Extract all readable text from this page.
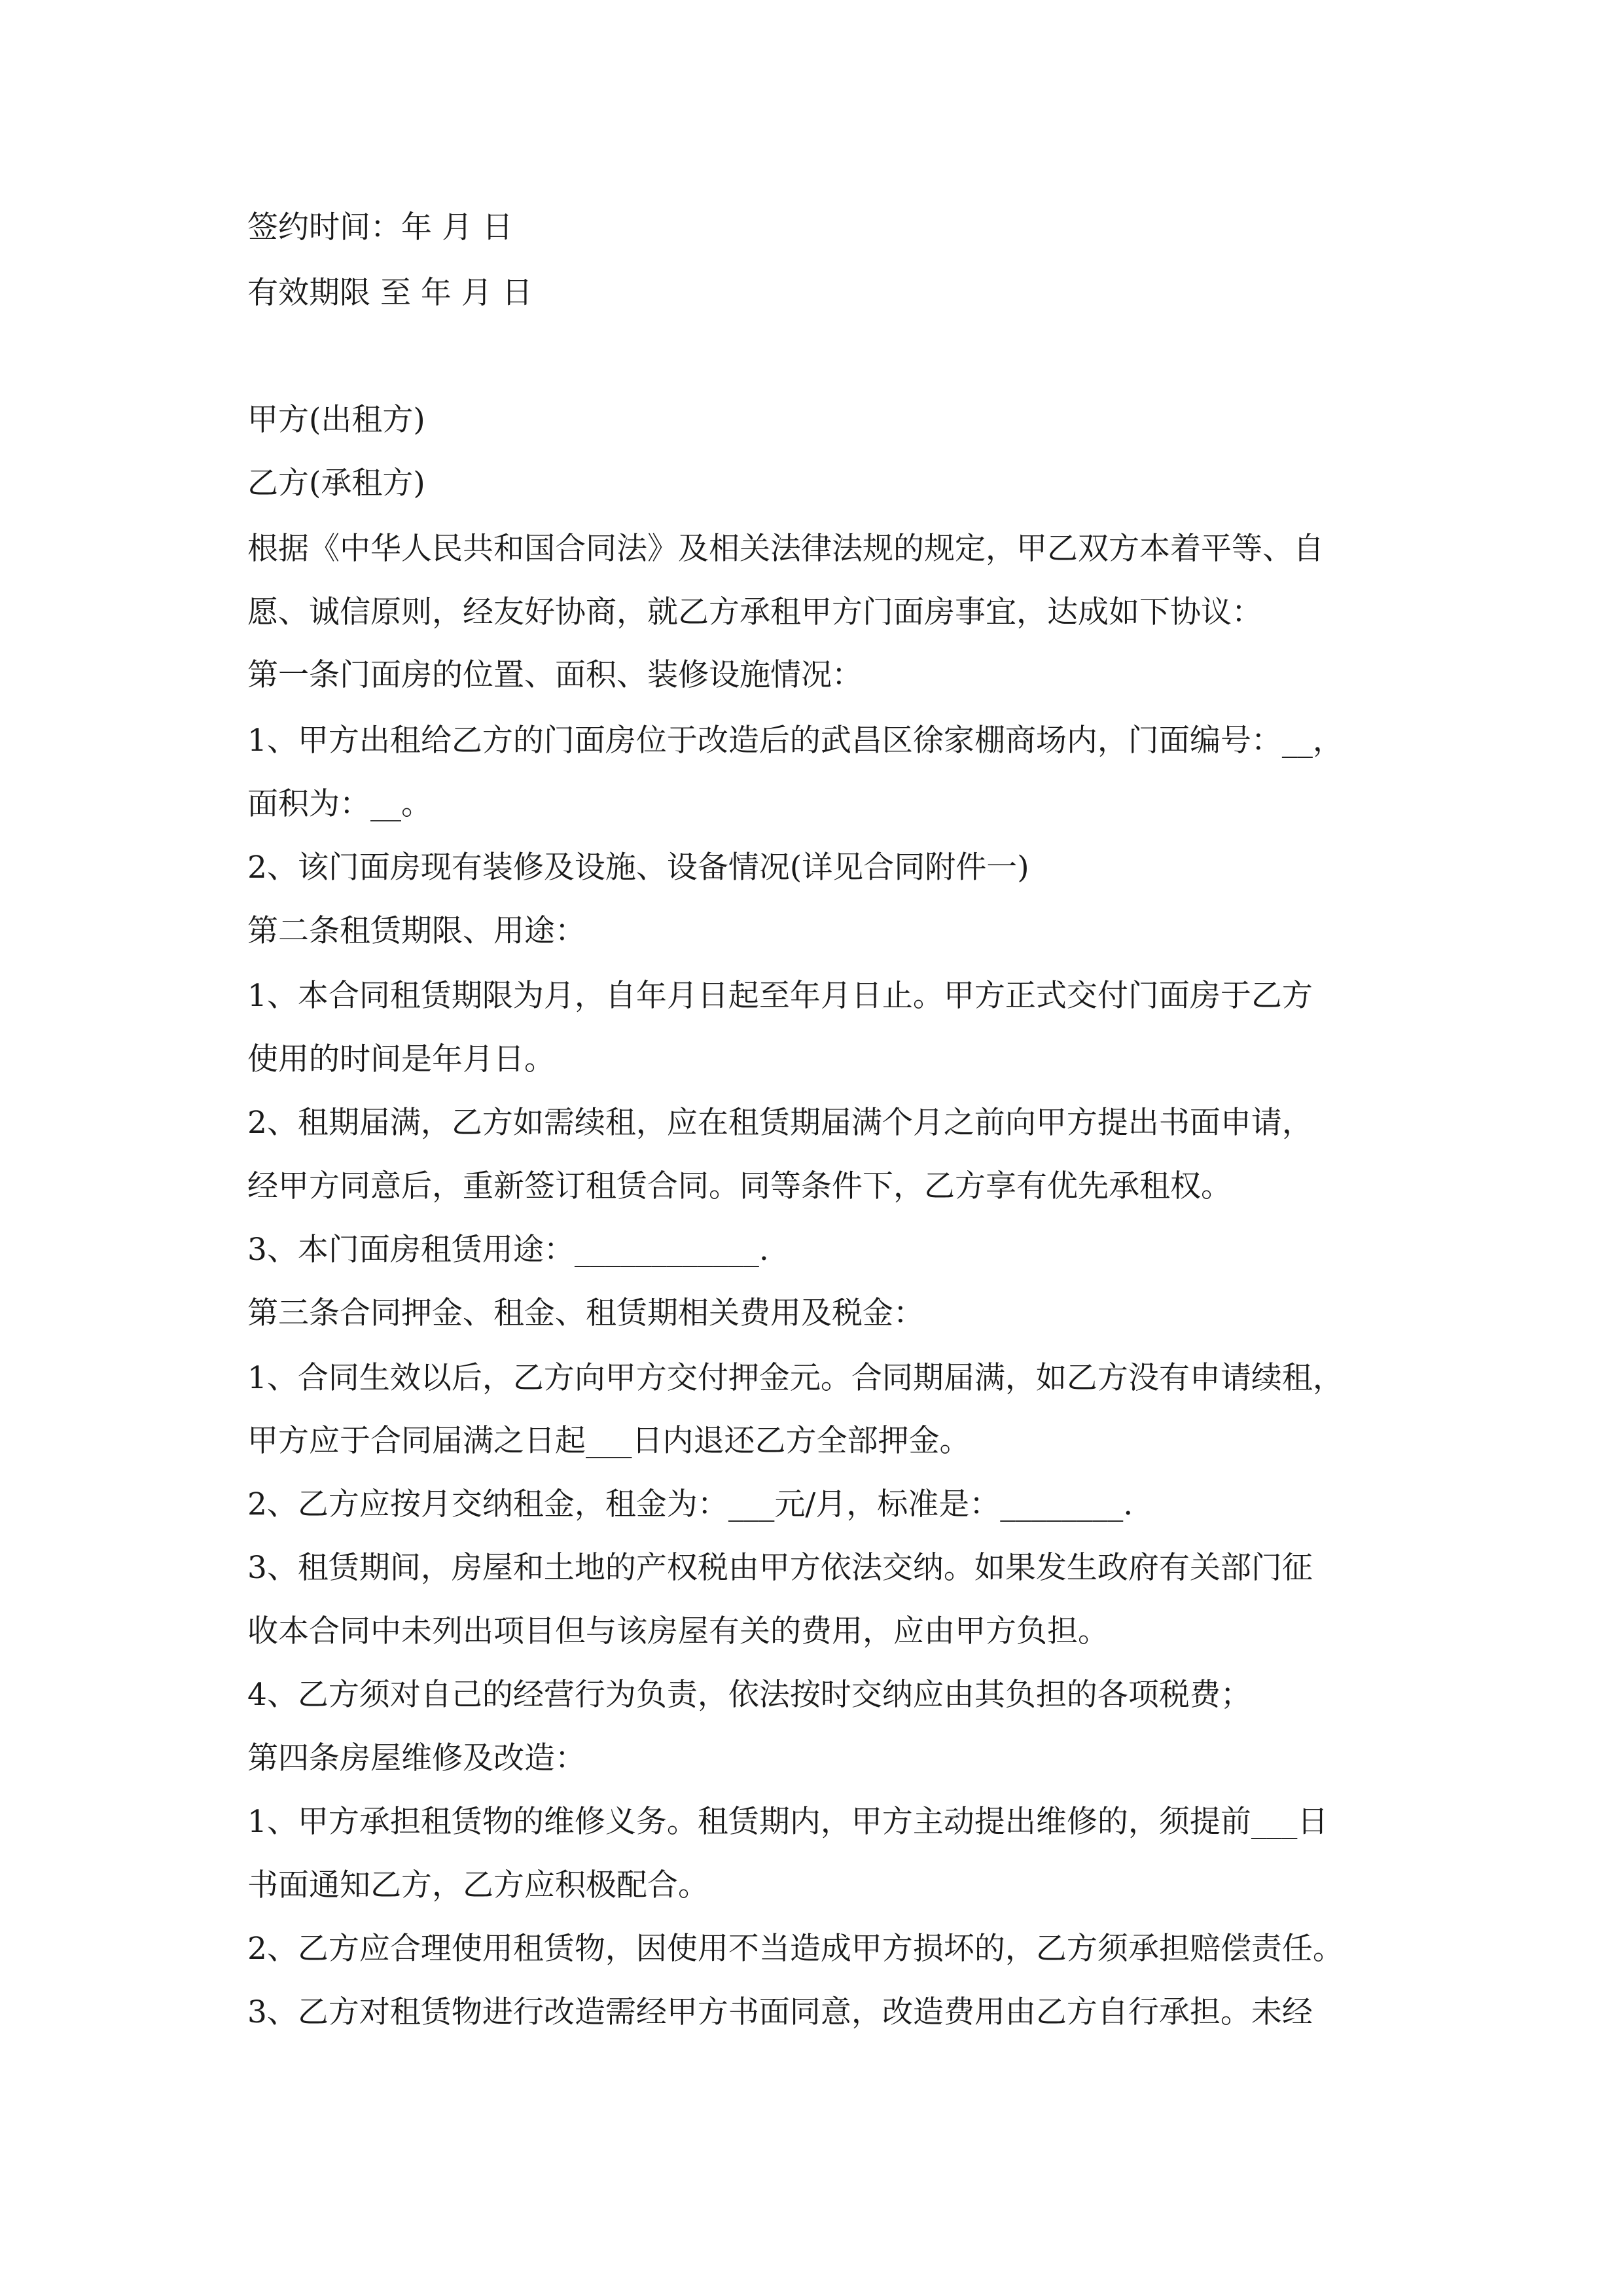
签约时间：年 月 日
有效期限 至 年 月 日
甲方(出租方)
乙方(承租方)
根据《中华人民共和国合同法》及相关法律法规的规定，甲乙双方本着平等、自
愿、诚信原则，经友好协商，就乙方承租甲方门面房事宜，达成如下协议：
第一条门面房的位置、面积、装修设施情况：
1、甲方出租给乙方的门面房位于改造后的武昌区徐家棚商场内，门面编号：__，
面积为：__。
2、该门面房现有装修及设施、设备情况(详见合同附件一)
第二条租赁期限、用途：
1、本合同租赁期限为月，自年月日起至年月日止。甲方正式交付门面房于乙方
使用的时间是年月日。
2、租期届满，乙方如需续租，应在租赁期届满个月之前向甲方提出书面申请，
经甲方同意后，重新签订租赁合同。同等条件下，乙方享有优先承租权。
3、本门面房租赁用途：____________.
第三条合同押金、租金、租赁期相关费用及税金：
1、合同生效以后，乙方向甲方交付押金元。合同期届满，如乙方没有申请续租，
甲方应于合同届满之日起___日内退还乙方全部押金。
2、乙方应按月交纳租金，租金为：___元/月，标准是：________.
3、租赁期间，房屋和土地的产权税由甲方依法交纳。如果发生政府有关部门征
收本合同中未列出项目但与该房屋有关的费用，应由甲方负担。
4、乙方须对自己的经营行为负责，依法按时交纳应由其负担的各项税费；
第四条房屋维修及改造：
1、甲方承担租赁物的维修义务。租赁期内，甲方主动提出维修的，须提前___日
书面通知乙方，乙方应积极配合。
2、乙方应合理使用租赁物，因使用不当造成甲方损坏的，乙方须承担赔偿责任。
3、乙方对租赁物进行改造需经甲方书面同意，改造费用由乙方自行承担。未经
